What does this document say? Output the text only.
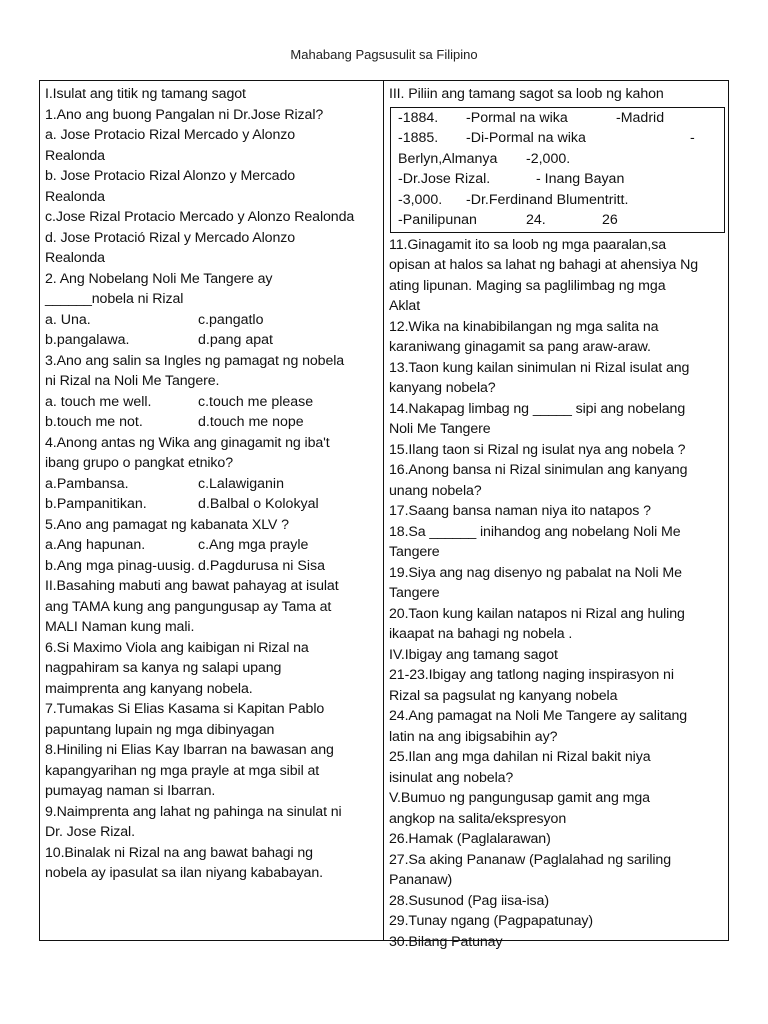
Mahabang Pagsusulit sa Filipino
I.Isulat ang titik ng tamang sagot
1.Ano ang buong Pangalan ni Dr.Jose Rizal?
a. Jose Protacio Rizal Mercado y Alonzo
Realonda
b. Jose Protacio Rizal Alonzo y Mercado
Realonda
c.Jose Rizal Protacio Mercado y Alonzo Realonda
d. Jose Protació Rizal y Mercado Alonzo
Realonda
2. Ang Nobelang Noli Me Tangere ay
______nobela ni Rizal
a. Una.	c.pangatlo
b.pangalawa.	d.pang apat
3.Ano ang salin sa Ingles ng pamagat ng nobela
ni Rizal na Noli Me Tangere.
a. touch me well.	c.touch me please
b.touch me not.	d.touch me nope
4.Anong antas ng Wika ang ginagamit ng iba't
ibang grupo o pangkat etniko?
a.Pambansa.	c.Lalawiganin
b.Pampanitikan.	d.Balbal o Kolokyal
5.Ano ang pamagat ng kabanata XLV ?
a.Ang hapunan.	c.Ang mga prayle
b.Ang mga pinag-uusig. d.Pagdurusa ni Sisa
II.Basahing mabuti ang bawat pahayag at isulat
ang TAMA kung ang pangungusap ay Tama at
MALI Naman kung mali.
6.Si Maximo Viola ang kaibigan ni Rizal na
nagpahiram sa kanya ng salapi upang
maimprenta ang kanyang nobela.
7.Tumakas Si Elias Kasama si Kapitan Pablo
papuntang lupain ng mga dibinyagan
8.Hiniling ni Elias Kay Ibarran na bawasan ang
kapangyarihan ng mga prayle at mga sibil at
pumayag naman si Ibarran.
9.Naimprenta ang lahat ng pahinga na sinulat ni
Dr. Jose Rizal.
10.Binalak ni Rizal na ang bawat bahagi ng
nobela ay ipasulat sa ilan niyang kababayan.
III. Piliin ang tamang sagot sa loob ng kahon
-1884.	-Pormal na wika	-Madrid
-1885.	-Di-Pormal na wika	-
Berlyn,Almanya	-2,000.
-Dr.Jose Rizal.	- Inang Bayan
-3,000.	-Dr.Ferdinand Blumentritt.
-Panilipunan	24.	26
11.Ginagamit ito sa loob ng mga paaralan,sa
opisan at halos sa lahat ng bahagi at ahensiya Ng
ating lipunan. Maging sa paglilimbag ng mga
Aklat
12.Wika na kinabibilangan ng mga salita na
karaniwang ginagamit sa pang araw-araw.
13.Taon kung kailan sinimulan ni Rizal isulat ang
kanyang nobela?
14.Nakapag limbag ng _____ sipi ang nobelang
Noli Me Tangere
15.Ilang taon si Rizal ng isulat nya ang nobela ?
16.Anong bansa ni Rizal sinimulan ang kanyang
unang nobela?
17.Saang bansa naman niya ito natapos ?
18.Sa ______ inihandog ang nobelang Noli Me
Tangere
19.Siya ang nag disenyo ng pabalat na Noli Me
Tangere
20.Taon kung kailan natapos ni Rizal ang huling
ikaapat na bahagi ng nobela .
IV.Ibigay ang tamang sagot
21-23.Ibigay ang tatlong naging inspirasyon ni
Rizal sa pagsulat ng kanyang nobela
24.Ang pamagat na Noli Me Tangere ay salitang
latin na ang ibigsabihin ay?
25.Ilan ang mga dahilan ni Rizal bakit niya
isinulat ang nobela?
V.Bumuo ng pangungusap gamit ang mga
angkop na salita/ekspresyon
26.Hamak (Paglalarawan)
27.Sa aking Pananaw (Paglalahad ng sariling
Pananaw)
28.Susunod (Pag iisa-isa)
29.Tunay ngang (Pagpapatunay)
30.Bilang Patunay
